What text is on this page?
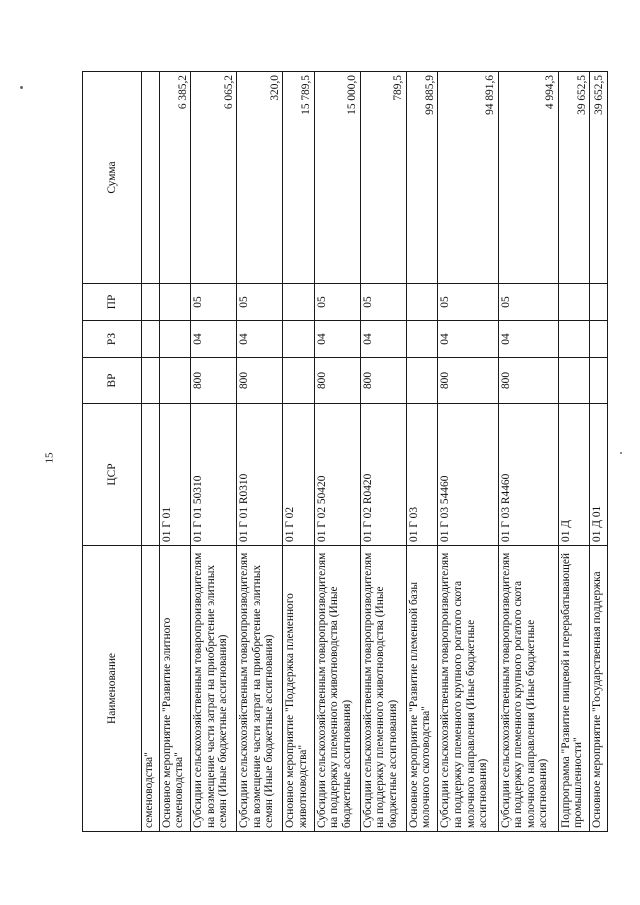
15
Наименование	ЦСР	ВР	РЗ	ПР	Сумма
семеноводства"					
Основное мероприятие "Развитие элитного семеноводства"	01 Г 01				6 385,2
Субсидии сельскохозяйственным товаропроизводителям на возмещение части затрат на приобретение элитных семян (Иные бюджетные ассигнования)	01 Г 01 50310	800	04	05	6 065,2
Субсидии сельскохозяйственным товаропроизводителям на возмещение части затрат на приобретение элитных семян (Иные бюджетные ассигнования)	01 Г 01 R0310	800	04	05	320,0
Основное мероприятие "Поддержка племенного животноводства"	01 Г 02				15 789,5
Субсидии сельскохозяйственным товаропроизводителям на поддержку племенного животноводства (Иные бюджетные ассигнования)	01 Г 02 50420	800	04	05	15 000,0
Субсидии сельскохозяйственным товаропроизводителям на поддержку племенного животноводства (Иные бюджетные ассигнования)	01 Г 02 R0420	800	04	05	789,5
Основное мероприятие "Развитие племенной базы молочного скотоводства"	01 Г 03				99 885,9
Субсидии сельскохозяйственным товаропроизводителям на поддержку племенного крупного рогатого скота молочного направления (Иные бюджетные ассигнования)	01 Г 03 54460	800	04	05	94 891,6
Субсидии сельскохозяйственным товаропроизводителям на поддержку племенного крупного рогатого скота молочного направления (Иные бюджетные ассигнования)	01 Г 03 R4460	800	04	05	4 994,3
Подпрограмма "Развитие пищевой и перерабатывающей промышленности"	01 Д				39 652,5
Основное мероприятие "Государственная поддержка	01 Д 01				39 652,5
